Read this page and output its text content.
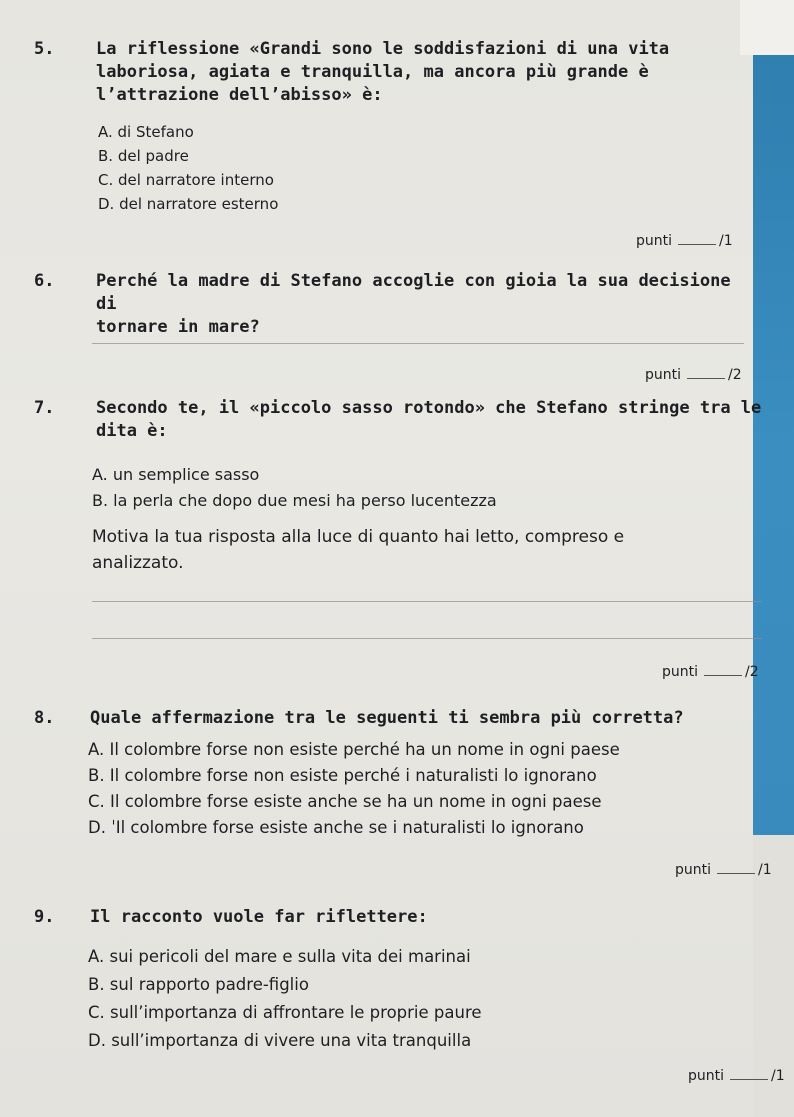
5. La riflessione «Grandi sono le soddisfazioni di una vita
laboriosa, agiata e tranquilla, ma ancora più grande è
l’attrazione dell’abisso» è:

A. di Stefano

B. del padre

C. del narratore interno

D. del narratore esterno

punti	/1
6. Perché la madre di Stefano accoglie con gioia la sua decisione di
tornare in mare?

punti	/2
7. Secondo te, il «piccolo sasso rotondo» che Stefano stringe tra le
dita è:

A. un semplice sasso

B. la perla che dopo due mesi ha perso lucentezza

Motiva la tua risposta alla luce di quanto hai letto, compreso e
analizzato.

punti	/2
8. Quale affermazione tra le seguenti ti sembra più corretta?

A. Il colombre forse non esiste perché ha un nome in ogni paese

B. Il colombre forse non esiste perché i naturalisti lo ignorano

C. Il colombre forse esiste anche se ha un nome in ogni paese

D. ˈIl colombre forse esiste anche se i naturalisti lo ignorano

punti	/1
9. Il racconto vuole far riflettere:

A. sui pericoli del mare e sulla vita dei marinai

B. sul rapporto padre-figlio

C. sull’importanza di affrontare le proprie paure

D. sull’importanza di vivere una vita tranquilla

punti	/1
